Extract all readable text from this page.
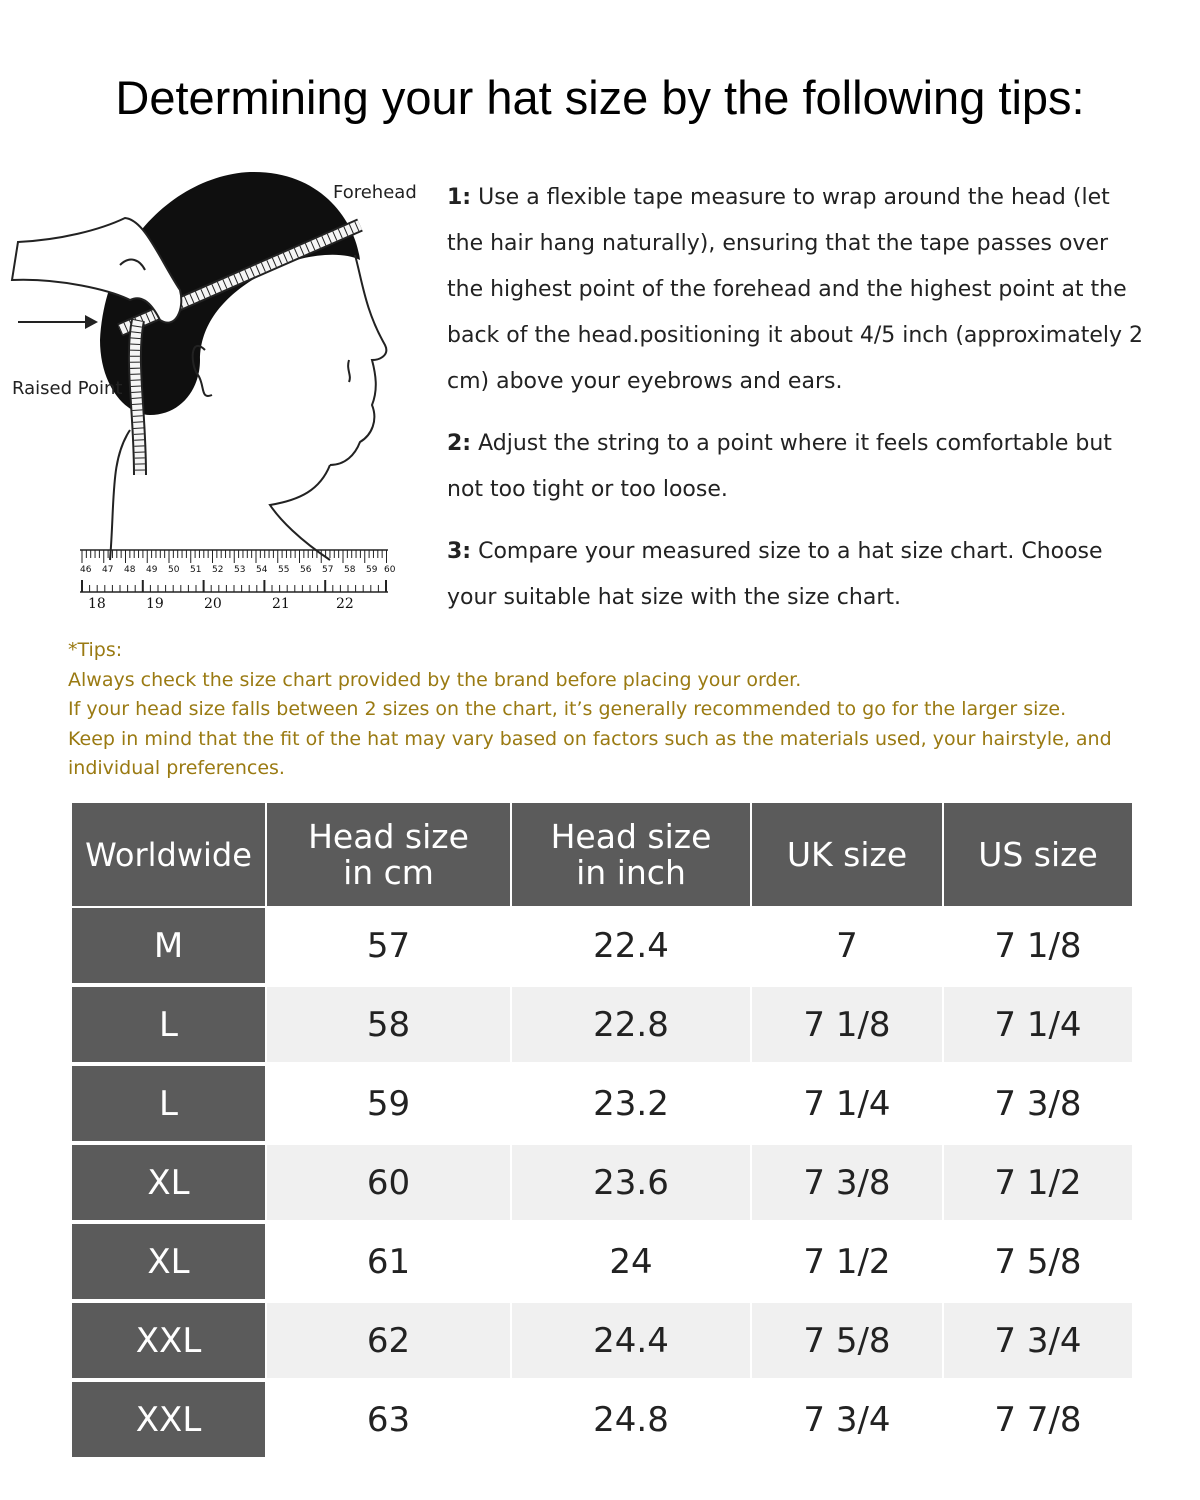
Determining your hat size by the following tips:
Forehead
Raised Point
46 47 48 49 50 51 52 53 54 55 56 57 58 59 60
18	19	20	21	22
1: Use a flexible tape measure to wrap around the head (let the hair hang naturally), ensuring that the tape passes over the highest point of the forehead and the highest point at the back of the head.positioning it about 4/5 inch (approximately 2 cm) above your eyebrows and ears.
2: Adjust the string to a point where it feels comfortable but not too tight or too loose.
3: Compare your measured size to a hat size chart. Choose your suitable hat size with the size chart.
*Tips:
Always check the size chart provided by the brand before placing your order.
If your head size falls between 2 sizes on the chart, it’s generally recommended to go for the larger size.
Keep in mind that the fit of the hat may vary based on factors such as the materials used, your hairstyle, and individual preferences.
Worldwide	Head size in cm	Head size in inch	UK size	US size
M	57	22.4	7	7 1/8
L	58	22.8	7 1/8	7 1/4
L	59	23.2	7 1/4	7 3/8
XL	60	23.6	7 3/8	7 1/2
XL	61	24	7 1/2	7 5/8
XXL	62	24.4	7 5/8	7 3/4
XXL	63	24.8	7 3/4	7 7/8
